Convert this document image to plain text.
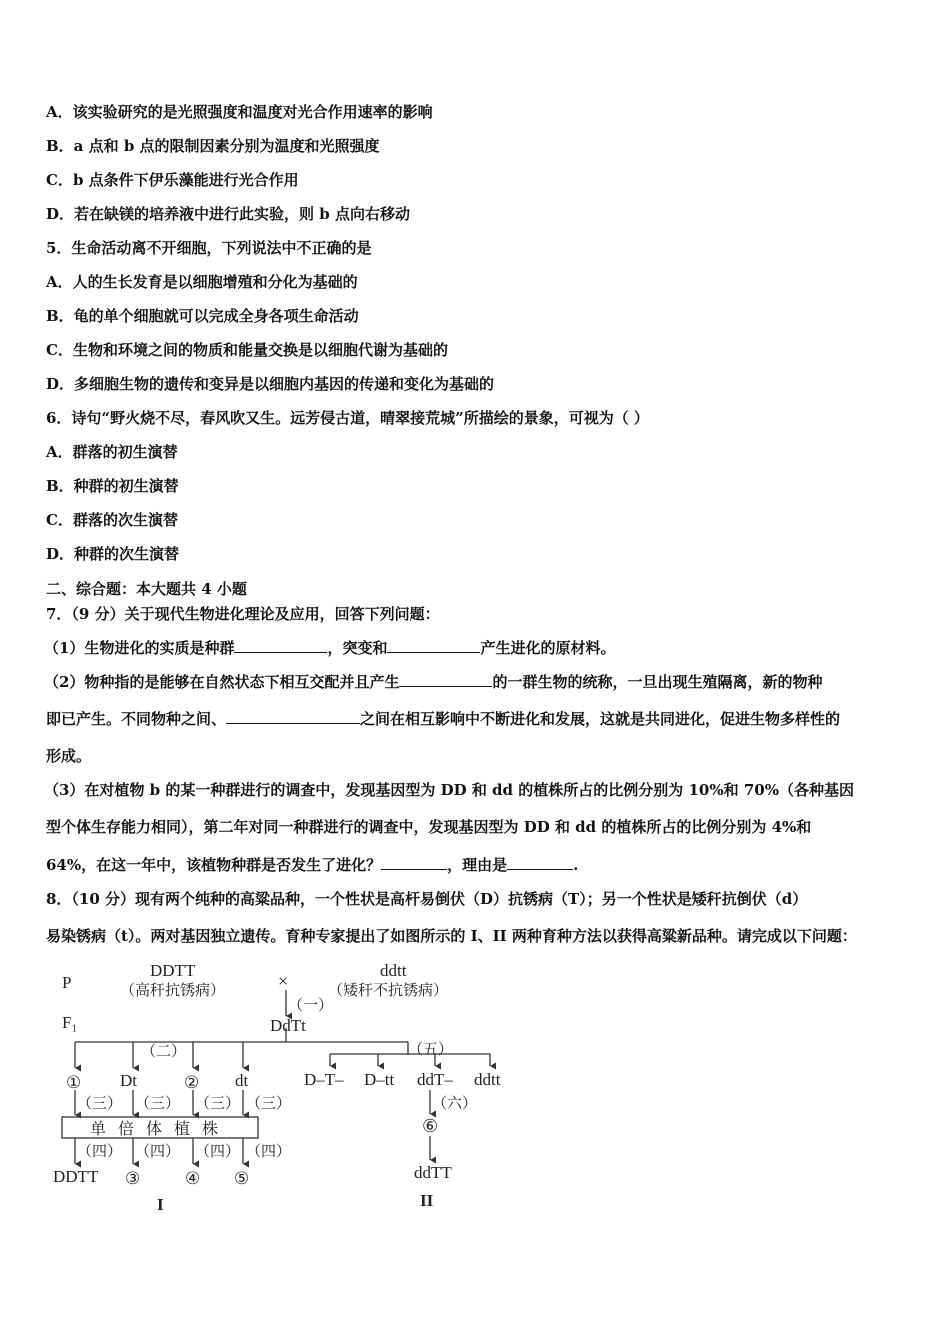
A．该实验研究的是光照强度和温度对光合作用速率的影响
B．a 点和 b 点的限制因素分别为温度和光照强度
C．b 点条件下伊乐藻能进行光合作用
D．若在缺镁的培养液中进行此实验，则 b 点向右移动
5．生命活动离不开细胞，下列说法中不正确的是
A．人的生长发育是以细胞增殖和分化为基础的
B．龟的单个细胞就可以完成全身各项生命活动
C．生物和环境之间的物质和能量交换是以细胞代谢为基础的
D．多细胞生物的遗传和变异是以细胞内基因的传递和变化为基础的
6．诗句“野火烧不尽，春风吹又生。远芳侵古道，晴翠接荒城”所描绘的景象，可视为（ ）
A．群落的初生演替
B．种群的初生演替
C．群落的次生演替
D．种群的次生演替
二、综合题：本大题共 4 小题
7．（9 分）关于现代生物进化理论及应用，回答下列问题：
（1）生物进化的实质是种群	，突变和	产生进化的原材料。
（2）物种指的是能够在自然状态下相互交配并且产生	的一群生物的统称，一旦出现生殖隔离，新的物种
即已产生。不同物种之间、	之间在相互影响中不断进化和发展，这就是共同进化，促进生物多样性的
形成。
（3）在对植物 b 的某一种群进行的调查中，发现基因型为 DD 和 dd 的植株所占的比例分别为 10%和 70%（各种基因
型个体生存能力相同），第二年对同一种群进行的调查中，发现基因型为 DD 和 dd 的植株所占的比例分别为 4%和
64%，在这一年中，该植物种群是否发生了进化？	，理由是	.
8．（10 分）现有两个纯种的高粱品种，一个性状是高杆易倒伏（D）抗锈病（T）；另一个性状是矮秆抗倒伏（d）
易染锈病（t）。两对基因独立遗传。育种专家提出了如图所示的 I、II 两种育种方法以获得高粱新品种。请完成以下问题：
P
F₁
DDTT
（高秆抗锈病）	×
ddtt
（矮秆不抗锈病）
（一）
DdTt
（二）	（五）
① Dt	② dt	D–T– D–tt ddT– ddtt
（三） （三） （三） （三）	（六）
单 倍 体 植 株	⑥
（四） （四） （四） （四）
DDTT ③	④ ⑤	ddTT
I	II
